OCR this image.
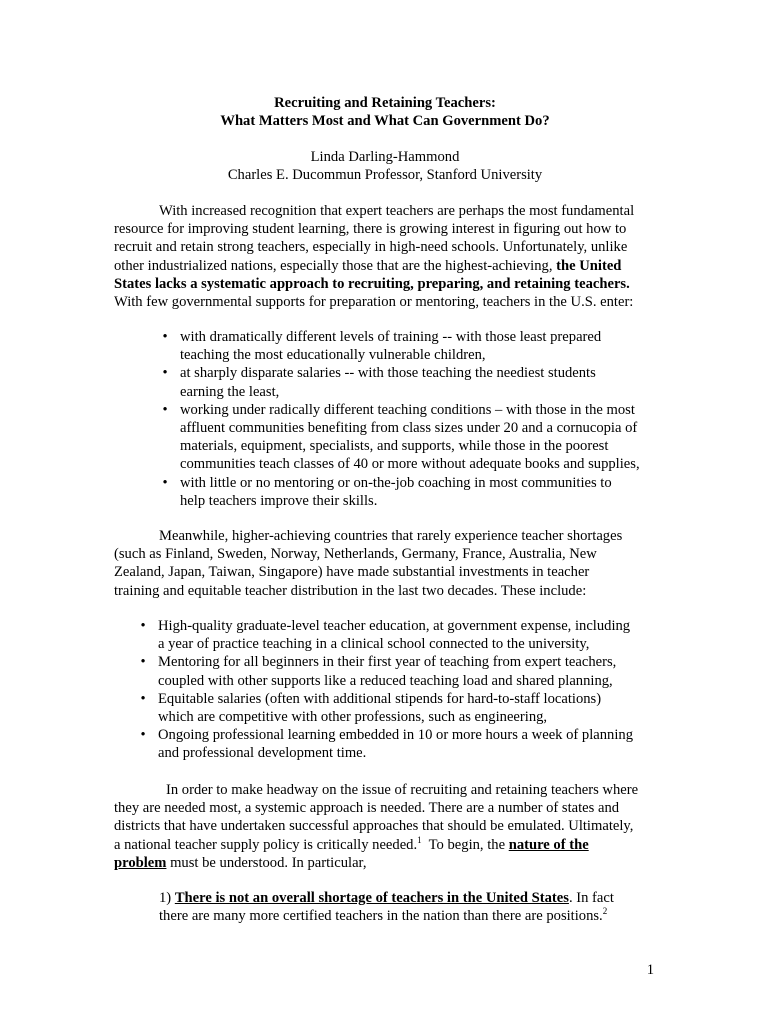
Recruiting and Retaining Teachers:
What Matters Most and What Can Government Do?
Linda Darling-Hammond
Charles E. Ducommun Professor, Stanford University
With increased recognition that expert teachers are perhaps the most fundamental
resource for improving student learning, there is growing interest in figuring out how to
recruit and retain strong teachers, especially in high-need schools. Unfortunately, unlike
other industrialized nations, especially those that are the highest-achieving, the United
States lacks a systematic approach to recruiting, preparing, and retaining teachers.
With few governmental supports for preparation or mentoring, teachers in the U.S. enter:
• with dramatically different levels of training -- with those least prepared
teaching the most educationally vulnerable children,
• at sharply disparate salaries -- with those teaching the neediest students
earning the least,
• working under radically different teaching conditions – with those in the most
affluent communities benefiting from class sizes under 20 and a cornucopia of
materials, equipment, specialists, and supports, while those in the poorest
communities teach classes of 40 or more without adequate books and supplies,
• with little or no mentoring or on-the-job coaching in most communities to
help teachers improve their skills.
Meanwhile, higher-achieving countries that rarely experience teacher shortages
(such as Finland, Sweden, Norway, Netherlands, Germany, France, Australia, New
Zealand, Japan, Taiwan, Singapore) have made substantial investments in teacher
training and equitable teacher distribution in the last two decades. These include:
• High-quality graduate-level teacher education, at government expense, including
a year of practice teaching in a clinical school connected to the university,
• Mentoring for all beginners in their first year of teaching from expert teachers,
coupled with other supports like a reduced teaching load and shared planning,
• Equitable salaries (often with additional stipends for hard-to-staff locations)
which are competitive with other professions, such as engineering,
• Ongoing professional learning embedded in 10 or more hours a week of planning
and professional development time.
In order to make headway on the issue of recruiting and retaining teachers where
they are needed most, a systemic approach is needed. There are a number of states and
districts that have undertaken successful approaches that should be emulated. Ultimately,
a national teacher supply policy is critically needed.$^1$  To begin, the nature of the
problem must be understood. In particular,
1) There is not an overall shortage of teachers in the United States. In fact
there are many more certified teachers in the nation than there are positions.$^2$
1
